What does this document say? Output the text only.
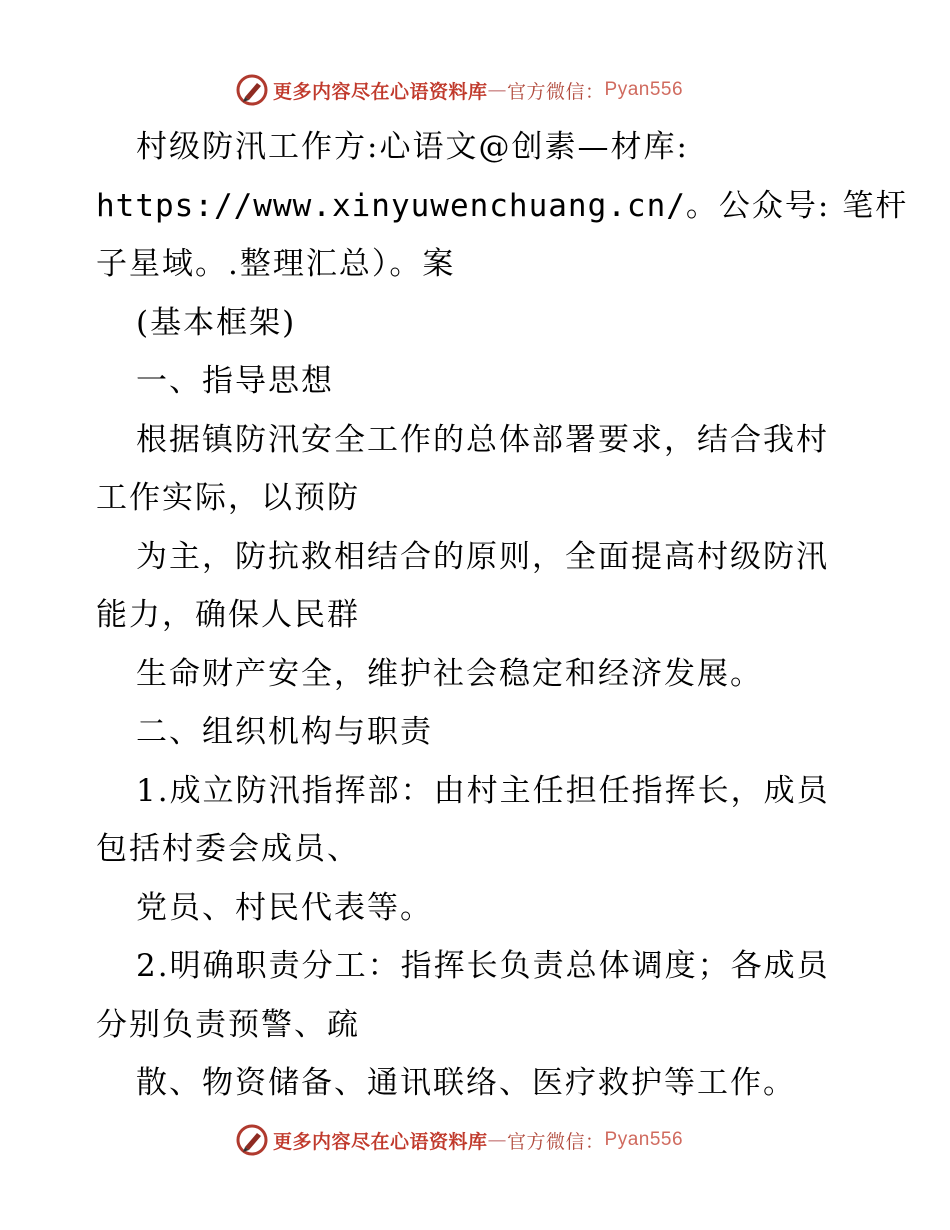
更多内容尽在心语资料库 — 官方微信： Pyan556
村级防汛工作方:心语文@创素—材库:
https://www.xinyuwenchuang.cn/。公众号: 笔杆
子星域。.整理汇总）。案
(基本框架)
一、指导思想
根据镇防汛安全工作的总体部署要求，结合我村
工作实际，以预防
为主，防抗救相结合的原则，全面提高村级防汛
能力，确保人民群
生命财产安全，维护社会稳定和经济发展。
二、组织机构与职责
1.成立防汛指挥部：由村主任担任指挥长，成员
包括村委会成员、
党员、村民代表等。
2.明确职责分工：指挥长负责总体调度；各成员
分别负责预警、疏
散、物资储备、通讯联络、医疗救护等工作。
更多内容尽在心语资料库 — 官方微信： Pyan556
